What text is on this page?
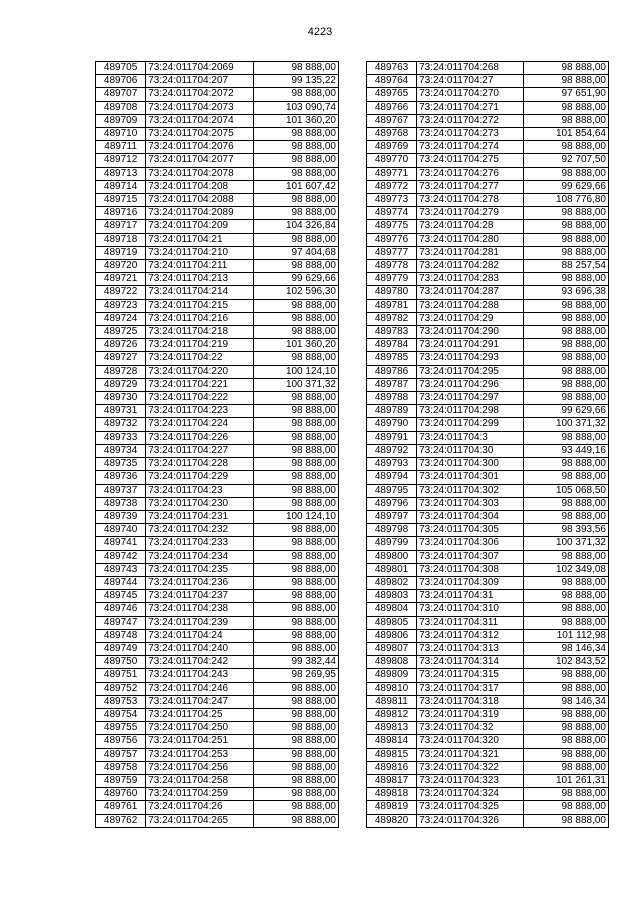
4223
489705	73:24:011704:2069	98 888,00
489706	73:24:011704:207	99 135,22
489707	73:24:011704:2072	98 888,00
489708	73:24:011704:2073	103 090,74
489709	73:24:011704:2074	101 360,20
489710	73:24:011704:2075	98 888,00
489711	73:24:011704:2076	98 888,00
489712	73:24:011704:2077	98 888,00
489713	73:24:011704:2078	98 888,00
489714	73:24:011704:208	101 607,42
489715	73:24:011704:2088	98 888,00
489716	73:24:011704:2089	98 888,00
489717	73:24:011704:209	104 326,84
489718	73:24:011704:21	98 888,00
489719	73:24:011704:210	97 404,68
489720	73:24:011704:211	98 888,00
489721	73:24:011704:213	99 629,66
489722	73:24:011704:214	102 596,30
489723	73:24:011704:215	98 888,00
489724	73:24:011704:216	98 888,00
489725	73:24:011704:218	98 888,00
489726	73:24:011704:219	101 360,20
489727	73:24:011704:22	98 888,00
489728	73:24:011704:220	100 124,10
489729	73:24:011704:221	100 371,32
489730	73:24:011704:222	98 888,00
489731	73:24:011704:223	98 888,00
489732	73:24:011704:224	98 888,00
489733	73:24:011704:226	98 888,00
489734	73:24:011704:227	98 888,00
489735	73:24:011704:228	98 888,00
489736	73:24:011704:229	98 888,00
489737	73:24:011704:23	98 888,00
489738	73:24:011704:230	98 888,00
489739	73:24:011704:231	100 124,10
489740	73:24:011704:232	98 888,00
489741	73:24:011704:233	98 888,00
489742	73:24:011704:234	98 888,00
489743	73:24:011704:235	98 888,00
489744	73:24:011704:236	98 888,00
489745	73:24:011704:237	98 888,00
489746	73:24:011704:238	98 888,00
489747	73:24:011704:239	98 888,00
489748	73:24:011704:24	98 888,00
489749	73:24:011704:240	98 888,00
489750	73:24:011704:242	99 382,44
489751	73:24:011704:243	98 269,95
489752	73:24:011704:246	98 888,00
489753	73:24:011704:247	98 888,00
489754	73:24:011704:25	98 888,00
489755	73:24:011704:250	98 888,00
489756	73:24:011704:251	98 888,00
489757	73:24:011704:253	98 888,00
489758	73:24:011704:256	98 888,00
489759	73:24:011704:258	98 888,00
489760	73:24:011704:259	98 888,00
489761	73:24:011704:26	98 888,00
489762	73:24:011704:265	98 888,00
489763	73:24:011704:268	98 888,00
489764	73:24:011704:27	98 888,00
489765	73:24:011704:270	97 651,90
489766	73:24:011704:271	98 888,00
489767	73:24:011704:272	98 888,00
489768	73:24:011704:273	101 854,64
489769	73:24:011704:274	98 888,00
489770	73:24:011704:275	92 707,50
489771	73:24:011704:276	98 888,00
489772	73:24:011704:277	99 629,66
489773	73:24:011704:278	108 776,80
489774	73:24:011704:279	98 888,00
489775	73:24:011704:28	98 888,00
489776	73:24:011704:280	98 888,00
489777	73:24:011704:281	98 888,00
489778	73:24:011704:282	88 257,54
489779	73:24:011704:283	98 888,00
489780	73:24:011704:287	93 696,38
489781	73:24:011704:288	98 888,00
489782	73:24:011704:29	98 888,00
489783	73:24:011704:290	98 888,00
489784	73:24:011704:291	98 888,00
489785	73:24:011704:293	98 888,00
489786	73:24:011704:295	98 888,00
489787	73:24:011704:296	98 888,00
489788	73:24:011704:297	98 888,00
489789	73:24:011704:298	99 629,66
489790	73:24:011704:299	100 371,32
489791	73:24:011704:3	98 888,00
489792	73:24:011704:30	93 449,16
489793	73:24:011704:300	98 888,00
489794	73:24:011704:301	98 888,00
489795	73:24:011704:302	105 068,50
489796	73:24:011704:303	98 888,00
489797	73:24:011704:304	98 888,00
489798	73:24:011704:305	98 393,56
489799	73:24:011704:306	100 371,32
489800	73:24:011704:307	98 888,00
489801	73:24:011704:308	102 349,08
489802	73:24:011704:309	98 888,00
489803	73:24:011704:31	98 888,00
489804	73:24:011704:310	98 888,00
489805	73:24:011704:311	98 888,00
489806	73:24:011704:312	101 112,98
489807	73:24:011704:313	98 146,34
489808	73:24:011704:314	102 843,52
489809	73:24:011704:315	98 888,00
489810	73:24:011704:317	98 888,00
489811	73:24:011704:318	98 146,34
489812	73:24:011704:319	98 888,00
489813	73:24:011704:32	98 888,00
489814	73:24:011704:320	98 888,00
489815	73:24:011704:321	98 888,00
489816	73:24:011704:322	98 888,00
489817	73:24:011704:323	101 261,31
489818	73:24:011704:324	98 888,00
489819	73:24:011704:325	98 888,00
489820	73:24:011704:326	98 888,00
